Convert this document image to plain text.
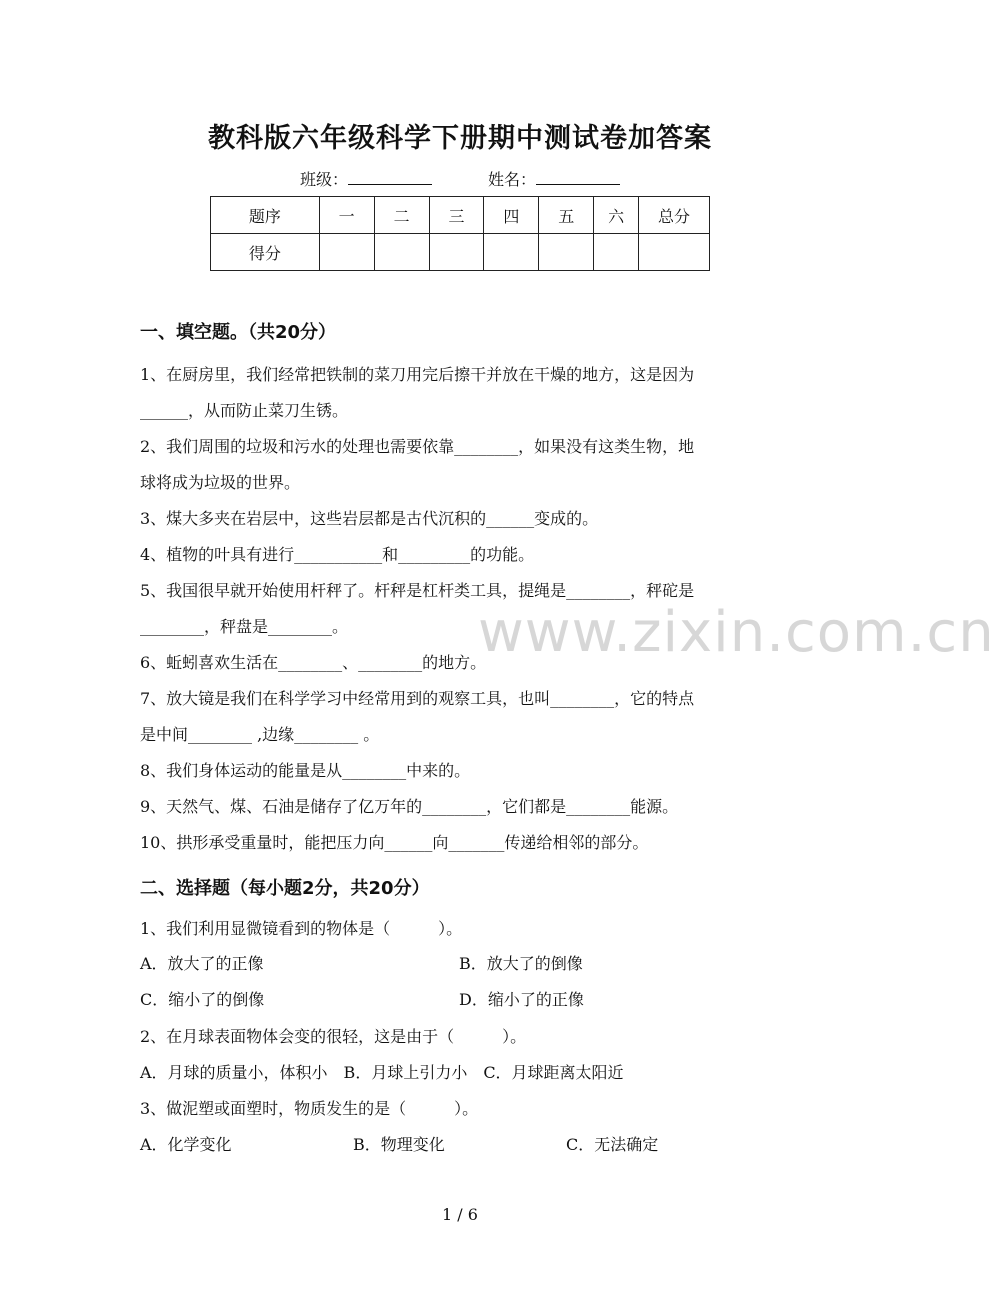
教科版六年级科学下册期中测试卷加答案
班级：	姓名：
题序	一	二	三	四	五	六	总分
得分							
www.zixin.com.cn
一、填空题。（共20分）
1、在厨房里，我们经常把铁制的菜刀用完后擦干并放在干燥的地方，这是因为
______，从而防止菜刀生锈。
2、我们周围的垃圾和污水的处理也需要依靠________，如果没有这类生物，地
球将成为垃圾的世界。
3、煤大多夹在岩层中，这些岩层都是古代沉积的______变成的。
4、植物的叶具有进行___________和_________的功能。
5、我国很早就开始使用杆秤了。杆秤是杠杆类工具，提绳是________，秤砣是
________，秤盘是________。
6、蚯蚓喜欢生活在________、________的地方。
7、放大镜是我们在科学学习中经常用到的观察工具，也叫________，它的特点
是中间________ ,边缘________ 。
8、我们身体运动的能量是从________中来的。
9、天然气、煤、石油是储存了亿万年的________，它们都是________能源。
10、拱形承受重量时，能把压力向______向_______传递给相邻的部分。
二、选择题（每小题2分，共20分）
1、我们利用显微镜看到的物体是（　　　）。
A．放大了的正像	B．放大了的倒像
C．缩小了的倒像	D．缩小了的正像
2、在月球表面物体会变的很轻，这是由于（　　　）。
A．月球的质量小，体积小　B．月球上引力小　C．月球距离太阳近
3、做泥塑或面塑时，物质发生的是（　　　）。
A．化学变化	B．物理变化	C．无法确定
1 / 6
